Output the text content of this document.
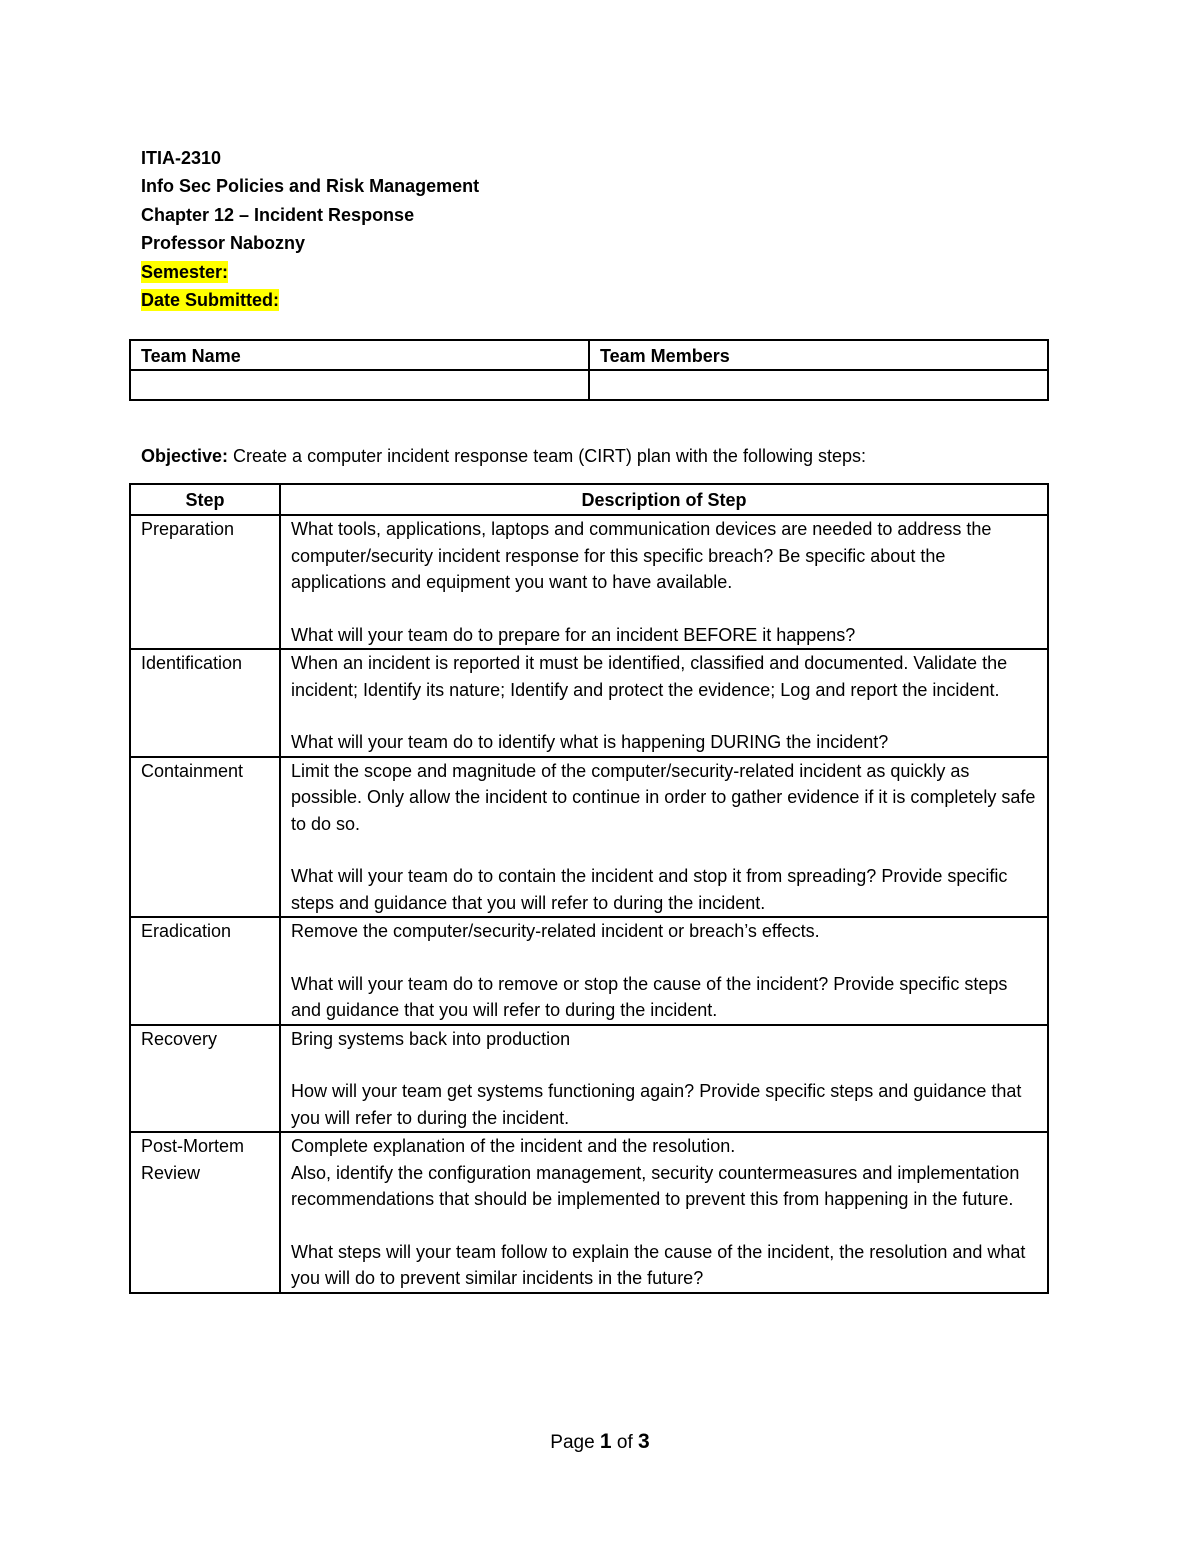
ITIA-2310
Info Sec Policies and Risk Management
Chapter 12 – Incident Response
Professor Nabozny
Semester:
Date Submitted:
Team Name	Team Members

Objective: Create a computer incident response team (CIRT) plan with the following steps:
Step	Description of Step
Preparation	What tools, applications, laptops and communication devices are needed to address the computer/security incident response for this specific breach? Be specific about the applications and equipment you want to have available.

What will your team do to prepare for an incident BEFORE it happens?

Identification	When an incident is reported it must be identified, classified and documented. Validate the incident; Identify its nature; Identify and protect the evidence; Log and report the incident.

What will your team do to identify what is happening DURING the incident?

Containment	Limit the scope and magnitude of the computer/security-related incident as quickly as possible. Only allow the incident to continue in order to gather evidence if it is completely safe to do so.

What will your team do to contain the incident and stop it from spreading? Provide specific steps and guidance that you will refer to during the incident.

Eradication	Remove the computer/security-related incident or breach’s effects.

What will your team do to remove or stop the cause of the incident? Provide specific steps and guidance that you will refer to during the incident.

Recovery	Bring systems back into production

How will your team get systems functioning again? Provide specific steps and guidance that you will refer to during the incident.

Post-Mortem Review	Complete explanation of the incident and the resolution.

Also, identify the configuration management, security countermeasures and implementation recommendations that should be implemented to prevent this from happening in the future.

What steps will your team follow to explain the cause of the incident, the resolution and what you will do to prevent similar incidents in the future?

Page 1 of 3
